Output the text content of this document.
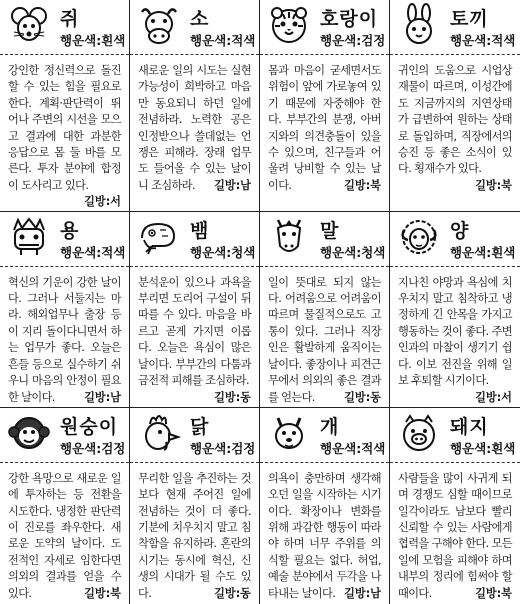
쥐
행운색:흰색
강인한 정신력으로 돌진할 수 있는 힘을 필요로 한다. 계획·판단력이 뛰어나 주변의 시선을 모으고 결과에 대한 과분한 응답으로 몸 둘 바를 모른다. 투자 분야에 합정이 도사리고 있다.
길방:서
소
행운색:적색
새로운 일의 시도는 실현 가능성이 희박하고 마음만 동요되니 하던 일에 전념하라. 노력한 공은 인정받으나 쓸데없는 언쟁은 피해라. 장래 업무도 들어올 수 있는 날이니 조심하라. 길방:남
호랑이
행운색:검정
몸과 마음이 굳세면서도 위험이 앞에 가로놓여 있기 때문에 자중해야 한다. 부부간의 분쟁, 아버지와의 의견충돌이 있을 수 있으며, 친구들과 어울려 낭비할 수 있는 날이다.	길방:북
토끼
행운색:적색
귀인의 도움으로 시업상 재물이 따르며, 이성간에도 지금까지의 지연상태가 급변하여 원하는 상태로 돌입하며, 직장에서의 승진 등 좋은 소식이 있다. 횡재수가 있다.
길방:북
용
행운색:적색
혁신의 기운이 강한 날이다. 그러나 서둘지는 마라. 해외업무나 출장 등이 지리 돌이다니면서 하는 업무가 좋다. 오늘은 흔들 등으로 실수하기 쉬우니 마음의 안정이 필요한 날이다.	길방:남
뱀
행운색:청색
분석운이 있으나 과욕을 부리면 도리어 구설이 뒤따를 수 있다. 마음을 바르고 곧게 가지면 이롭다. 오늘은 욕심이 많은 날이다. 부부간의 다툼과 금전적 피해를 조심하라.
길방:동
말
행운색:청색
일이 뜻대로 되지 않는다. 어려움으로 어려움이 따르며 물질적으로도 고통이 있다. 그러나 직장인은 활발하게 움직이는 날이다. 좋장이나 피견근무에서 의외의 좋은 결과를 얻는다.	길방:동
양
행운색:흰색
지나친 야망과 욕심에 치우치지 말고 침착하고 냉정하게 긴 안목을 가지고 행동하는 것이 좋다. 주변인과의 마찰이 생기기 쉽다. 이보 전진을 위해 일보 후퇴할 시기이다.
길방:서
원숭이
행운색:검정
강한 욕망으로 새로운 일에 투자하는 등 전환을 시도한다. 냉정한 판단력이 진로를 좌우한다. 새로운 도약의 날이다. 도전적인 자세로 임한다면 의외의 결과를 얻을 수 있다.	길방:북
닭
행운색:검정
무리한 일을 추진하는 것보다 현재 주어진 일에 전념하는 것이 더 좋다. 기분에 치우치지 말고 침착함을 유지하라. 혼란의 시기는 동시에 혁신, 신생의 시대가 될 수도 있다.	길방:동
개
행운색:적색
의욕이 충만하며 생각해 오던 일을 시작하는 시기이다. 확장이나 변화를 위해 과감한 행동이 따라야 하며 너무 주위를 의식할 필요는 없다. 허업, 예술 분야에서 두각을 나타내는 날이다. 길방:남
돼지
행운색:흰색
사람들을 많이 사귀게 되며 경쟁도 심할 때이므로 일각이라도 남보다 빨리 신뢰할 수 있는 사람에게 협력을 구해야 한다. 모든 일에 모험을 피해야 하며 내부의 정리에 힘써야 할 때이다.	길방:북
